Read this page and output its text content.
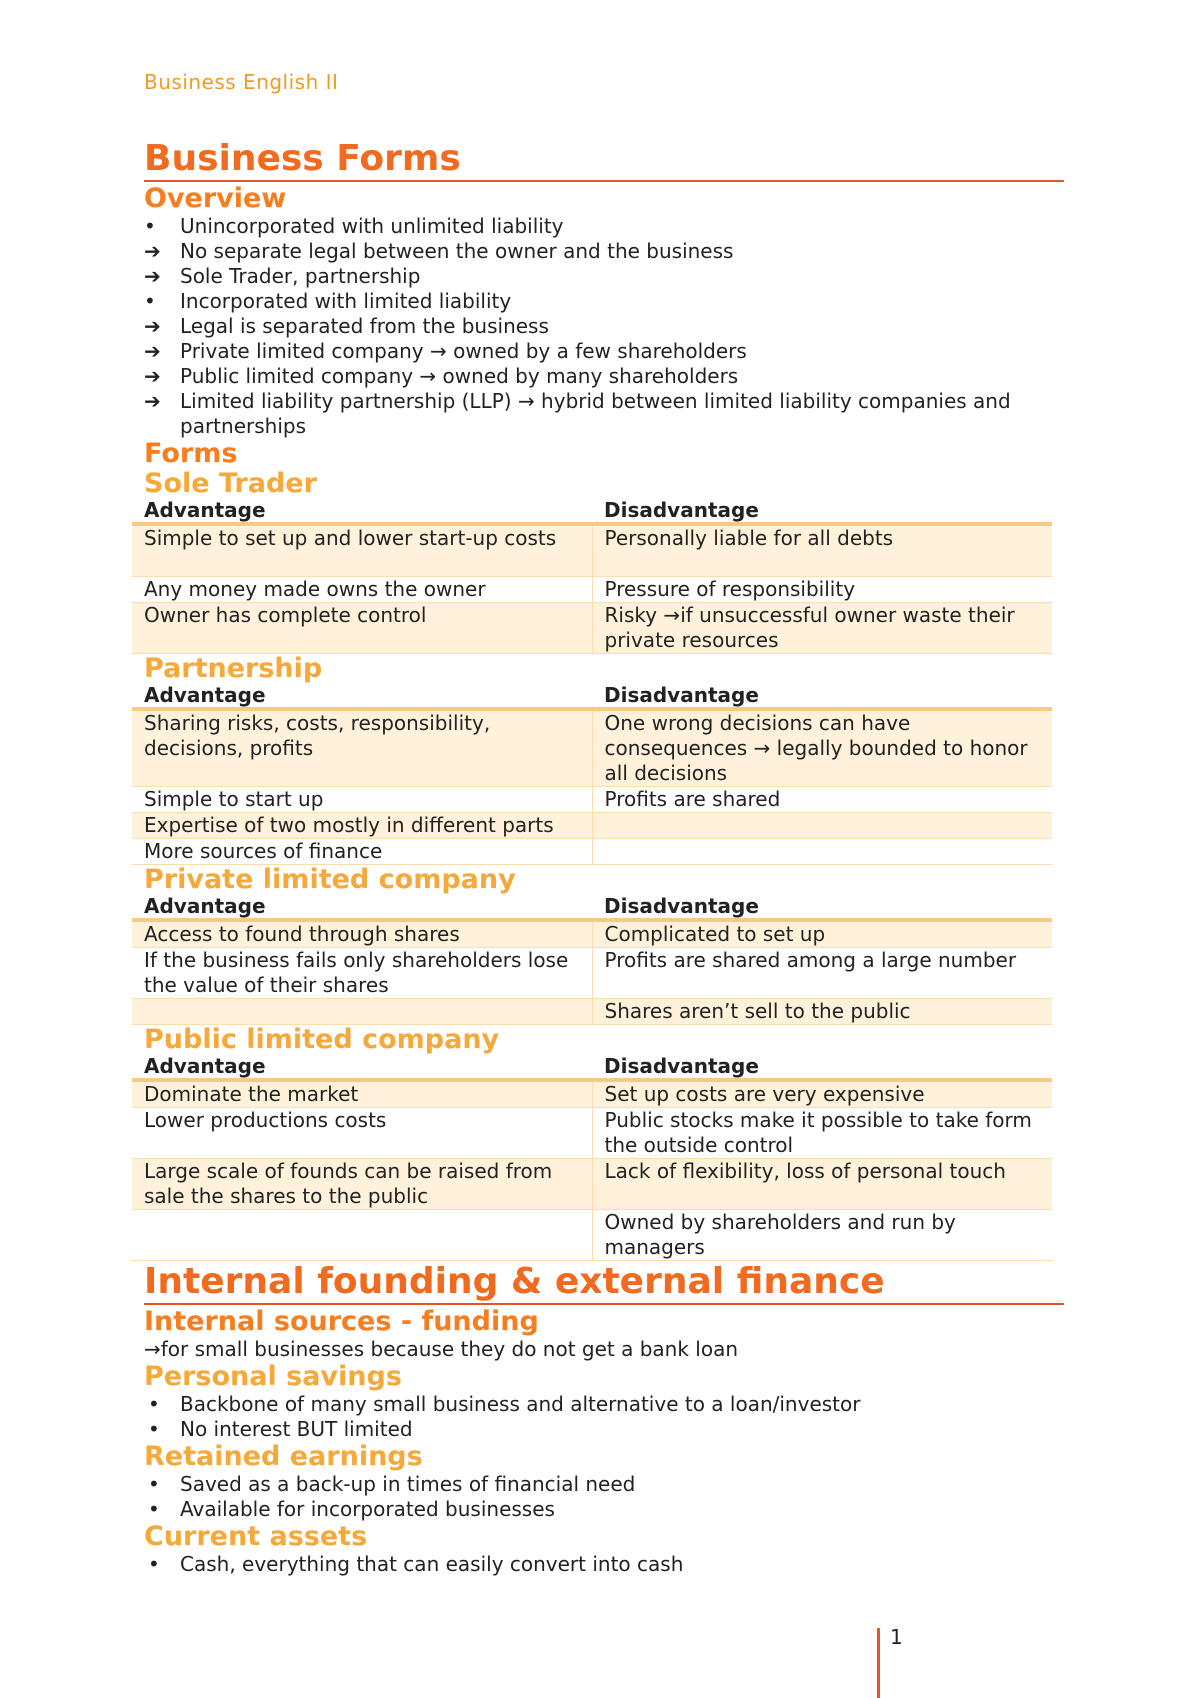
Business English II
Business Forms
Overview
•	Unincorporated with unlimited liability
➔ No separate legal between the owner and the business
➔ Sole Trader, partnership
•	Incorporated with limited liability
➔ Legal is separated from the business
➔ Private limited company → owned by a few shareholders
➔ Public limited company → owned by many shareholders
➔ Limited liability partnership (LLP) → hybrid between limited liability companies and partnerships
Forms
Sole Trader
Advantage	Disadvantage
Simple to set up and lower start-up costs	Personally liable for all debts
Any money made owns the owner	Pressure of responsibility
Owner has complete control	Risky →if unsuccessful owner waste their private resources
Partnership
Advantage	Disadvantage
Sharing risks, costs, responsibility, decisions, profits	One wrong decisions can have consequences → legally bounded to honor all decisions
Simple to start up	Profits are shared
Expertise of two mostly in different parts	
More sources of finance	
Private limited company
Advantage	Disadvantage
Access to found through shares	Complicated to set up
If the business fails only shareholders lose the value of their shares	Profits are shared among a large number
	Shares aren’t sell to the public
Public limited company
Advantage	Disadvantage
Dominate the market	Set up costs are very expensive
Lower productions costs	Public stocks make it possible to take form the outside control
Large scale of founds can be raised from sale the shares to the public	Lack of flexibility, loss of personal touch
	Owned by shareholders and run by managers
Internal founding & external finance
Internal sources - funding
→for small businesses because they do not get a bank loan
Personal savings
• Backbone of many small business and alternative to a loan/investor
• No interest BUT limited
Retained earnings
• Saved as a back-up in times of financial need
• Available for incorporated businesses
Current assets
• Cash, everything that can easily convert into cash
1
